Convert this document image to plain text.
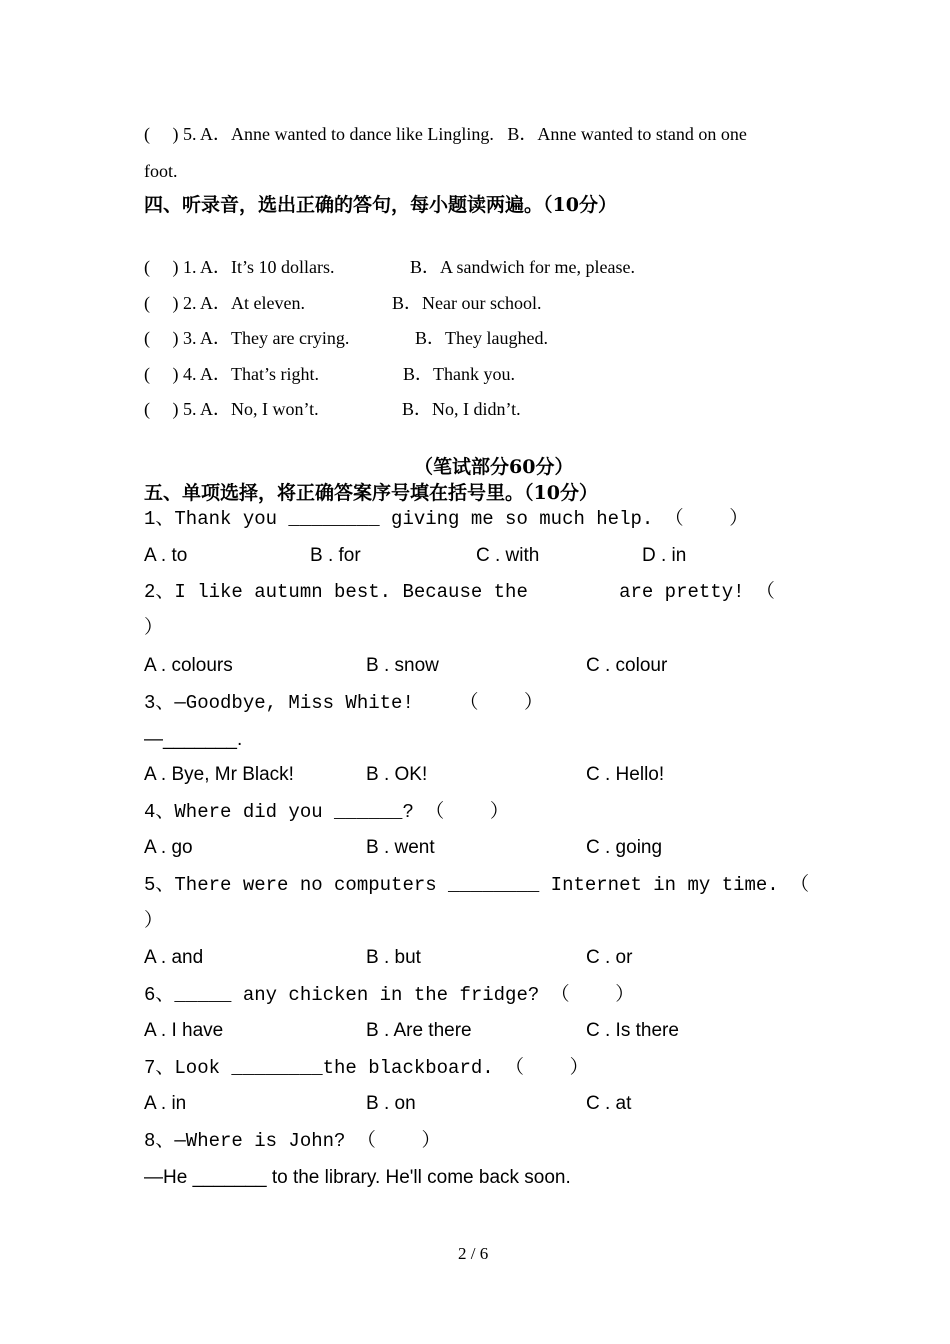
(     ) 5. A．Anne wanted to dance like Lingling.   B．Anne wanted to stand on one
foot.
四、听录音，选出正确的答句，每小题读两遍。（10分）
(     ) 1. A．It’s 10 dollars.	B．A sandwich for me, please.
(     ) 2. A．At eleven.	B．Near our school.
(     ) 3. A．They are crying.	B．They laughed.
(     ) 4. A．That’s right.	B．Thank you.
(     ) 5. A．No, I won’t.	B．No, I didn’t.
（笔试部分60分）
五、单项选择，将正确答案序号填在括号里。（10分）
1、Thank you ________ giving me so much help. （    ）
A . to	B . for	C . with	D . in
2、I like autumn best. Because the        are pretty! （
）
A . colours	B . snow	C . colour
3、—Goodbye, Miss White!    （    ）
—_______.
A . Bye, Mr Black!	B . OK!	C . Hello!
4、Where did you ______? （    ）
A . go	B . went	C . going
5、There were no computers ________ Internet in my time. （
）
A . and	B . but	C . or
6、_____ any chicken in the fridge? （    ）
A . I have	B . Are there	C . Is there
7、Look ________the blackboard. （    ）
A . in	B . on	C . at
8、—Where is John? （    ）
—He _______ to the library. He'll come back soon.
2 / 6
